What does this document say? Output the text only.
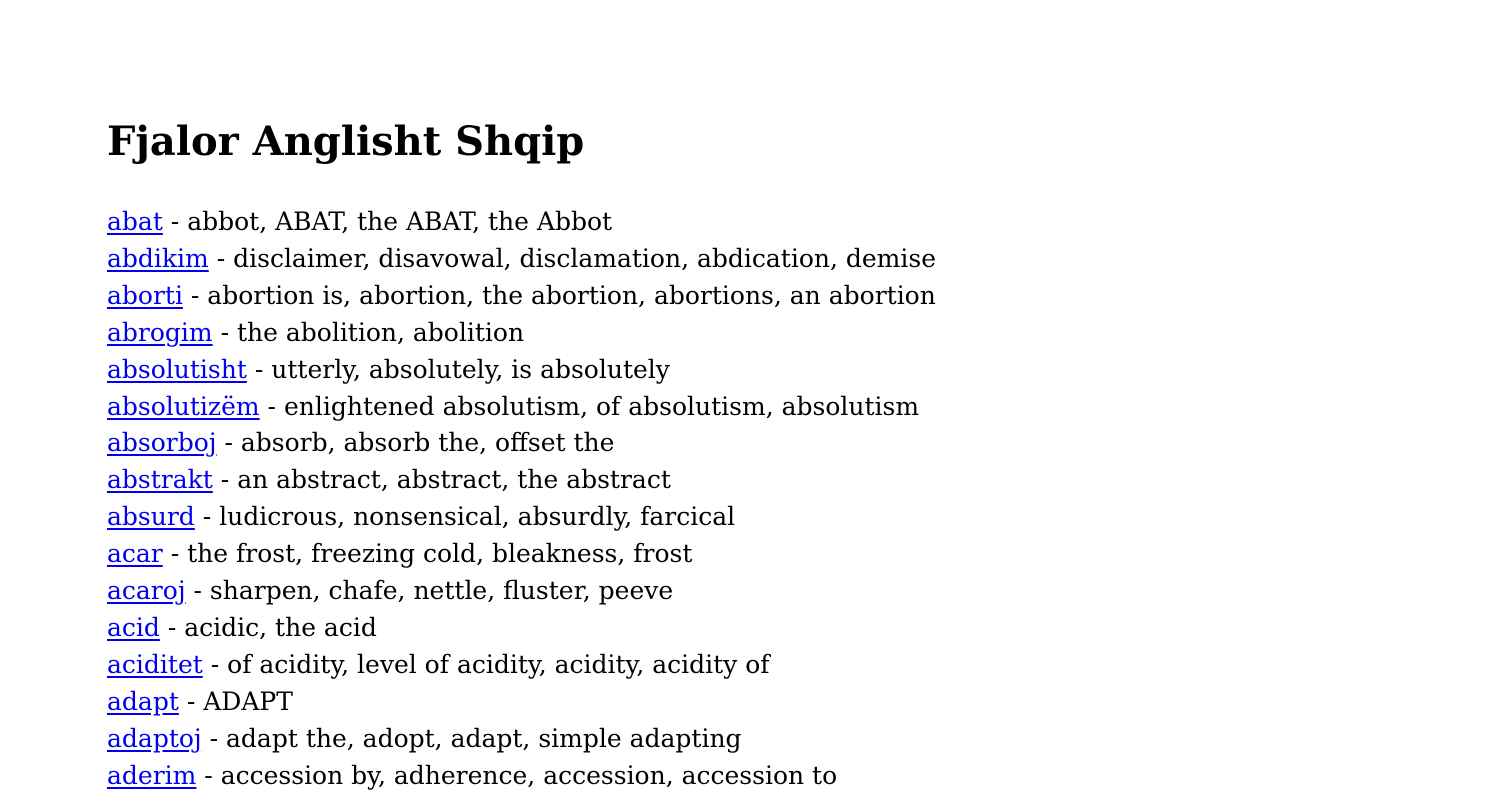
Fjalor Anglisht Shqip

abat - abbot, ABAT, the ABAT, the Abbot

abdikim - disclaimer, disavowal, disclamation, abdication, demise

aborti - abortion is, abortion, the abortion, abortions, an abortion

abrogim - the abolition, abolition

absolutisht - utterly, absolutely, is absolutely

absolutizëm - enlightened absolutism, of absolutism, absolutism

absorboj - absorb, absorb the, offset the

abstrakt - an abstract, abstract, the abstract

absurd - ludicrous, nonsensical, absurdly, farcical

acar - the frost, freezing cold, bleakness, frost

acaroj - sharpen, chafe, nettle, fluster, peeve

acid - acidic, the acid

aciditet - of acidity, level of acidity, acidity, acidity of

adapt - ADAPT

adaptoj - adapt the, adopt, adapt, simple adapting

aderim - accession by, adherence, accession, accession to
